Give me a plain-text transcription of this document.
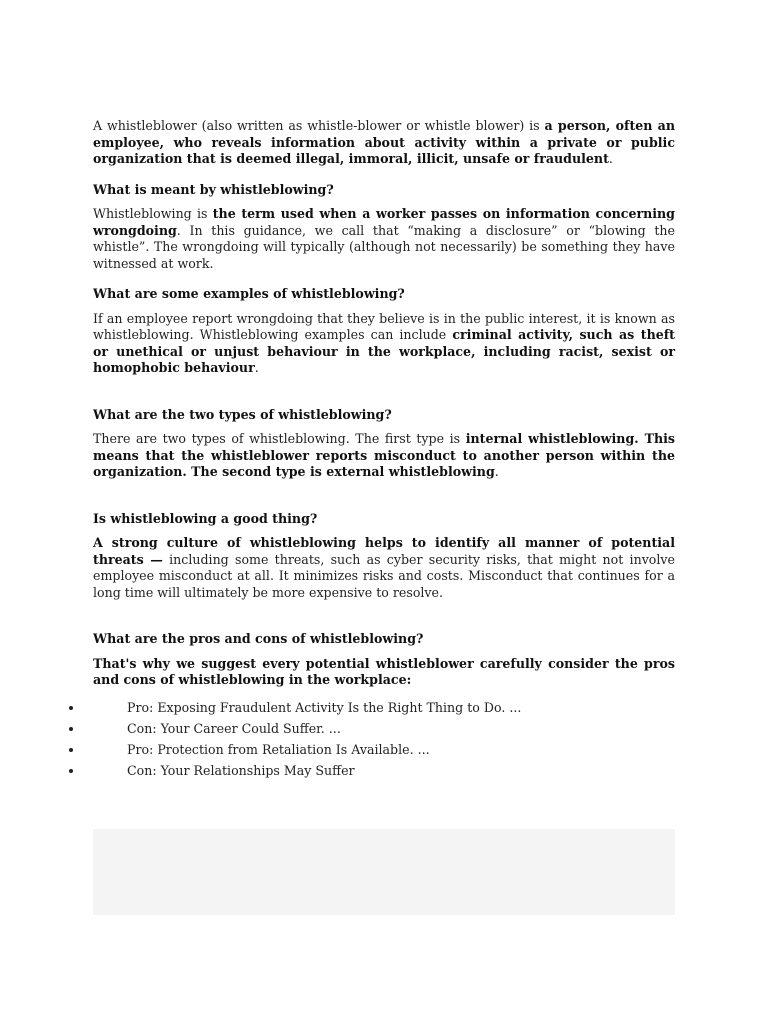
A whistleblower (also written as whistle-blower or whistle blower) is a person, often an employee, who reveals information about activity within a private or public organization that is deemed illegal, immoral, illicit, unsafe or fraudulent.

What is meant by whistleblowing?

Whistleblowing is the term used when a worker passes on information concerning wrongdoing. In this guidance, we call that “making a disclosure” or “blowing the whistle”. The wrongdoing will typically (although not necessarily) be something they have witnessed at work.

What are some examples of whistleblowing?

If an employee report wrongdoing that they believe is in the public interest, it is known as whistleblowing. Whistleblowing examples can include criminal activity, such as theft or unethical or unjust behaviour in the workplace, including racist, sexist or homophobic behaviour.

What are the two types of whistleblowing?

There are two types of whistleblowing. The first type is internal whistleblowing. This means that the whistleblower reports misconduct to another person within the organization. The second type is external whistleblowing.

Is whistleblowing a good thing?

A strong culture of whistleblowing helps to identify all manner of potential threats — including some threats, such as cyber security risks, that might not involve employee misconduct at all. It minimizes risks and costs. Misconduct that continues for a long time will ultimately be more expensive to resolve.

What are the pros and cons of whistleblowing?

That's why we suggest every potential whistleblower carefully consider the pros and cons of whistleblowing in the workplace:

Pro: Exposing Fraudulent Activity Is the Right Thing to Do. ...
Con: Your Career Could Suffer. ...
Pro: Protection from Retaliation Is Available. ...
Con: Your Relationships May Suffer
